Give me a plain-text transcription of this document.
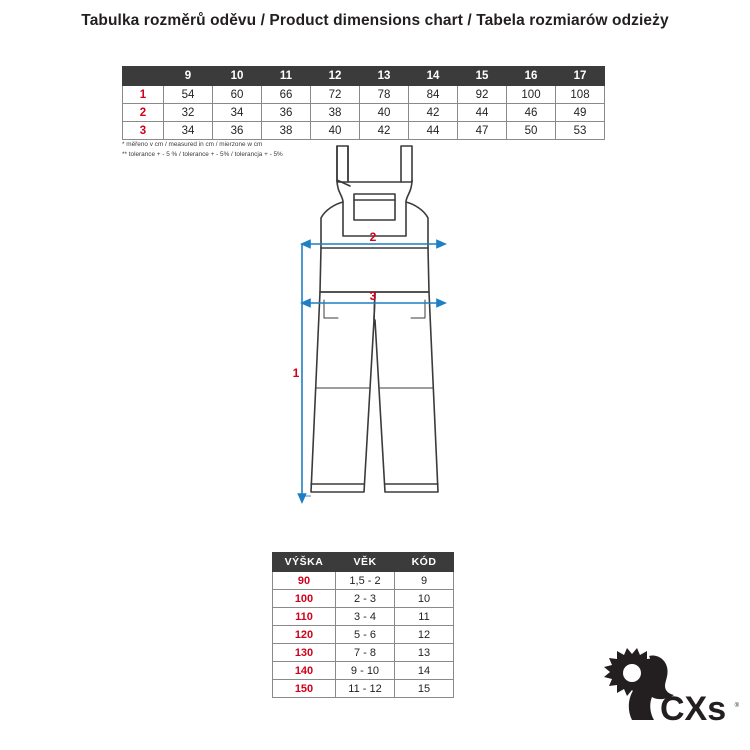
Tabulka rozměrů oděvu / Product dimensions chart / Tabela rozmiarów odzieży
	9	10	11	12	13	14	15	16	17
1	54	60	66	72	78	84	92	100	108
2	32	34	36	38	40	42	44	46	49
3	34	36	38	40	42	44	47	50	53
* měřeno v cm / measured in cm / mierzone w cm
** tolerance + - 5 % / tolerance + - 5% / tolerancja + - 5%
2
3
1
VÝŠKA	VĚK	KÓD
90	1,5 - 2	9
100	2 - 3	10
110	3 - 4	11
120	5 - 6	12
130	7 - 8	13
140	9 - 10	14
150	11 - 12	15
CXs ®
